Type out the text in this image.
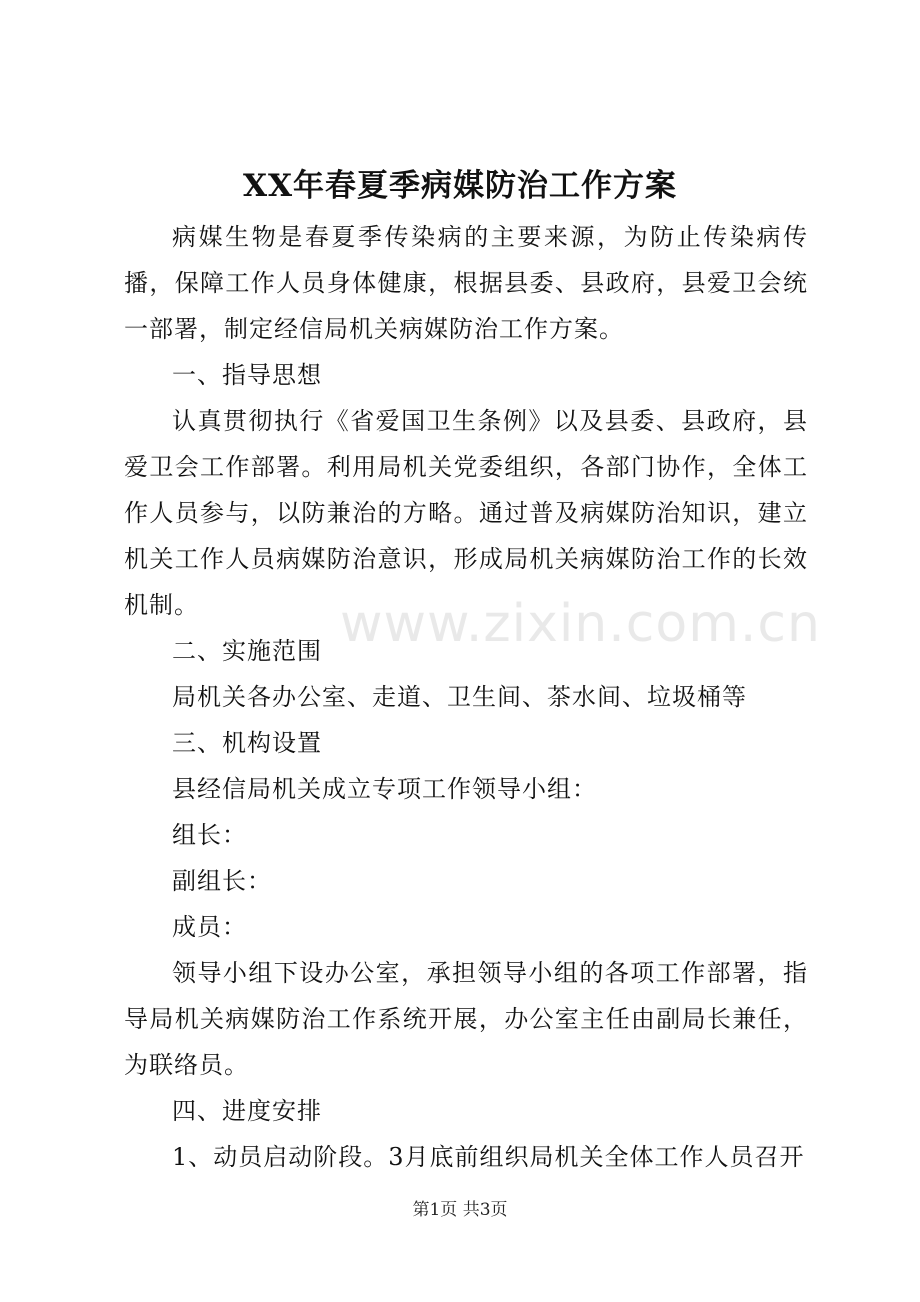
www.zixin.com.cn
XX年春夏季病媒防治工作方案

病媒生物是春夏季传染病的主要来源，为防止传染病传播，保障工作人员身体健康，根据县委、县政府，县爱卫会统一部署，制定经信局机关病媒防治工作方案。

一、指导思想

认真贯彻执行《省爱国卫生条例》以及县委、县政府，县爱卫会工作部署。利用局机关党委组织，各部门协作，全体工作人员参与，以防兼治的方略。通过普及病媒防治知识，建立机关工作人员病媒防治意识，形成局机关病媒防治工作的长效机制。

二、实施范围

局机关各办公室、走道、卫生间、茶水间、垃圾桶等

三、机构设置

县经信局机关成立专项工作领导小组：

组长：

副组长：

成员：

领导小组下设办公室，承担领导小组的各项工作部署，指导局机关病媒防治工作系统开展，办公室主任由副局长兼任，为联络员。

四、进度安排

1、动员启动阶段。3月底前组织局机关全体工作人员召开

第1页 共3页
